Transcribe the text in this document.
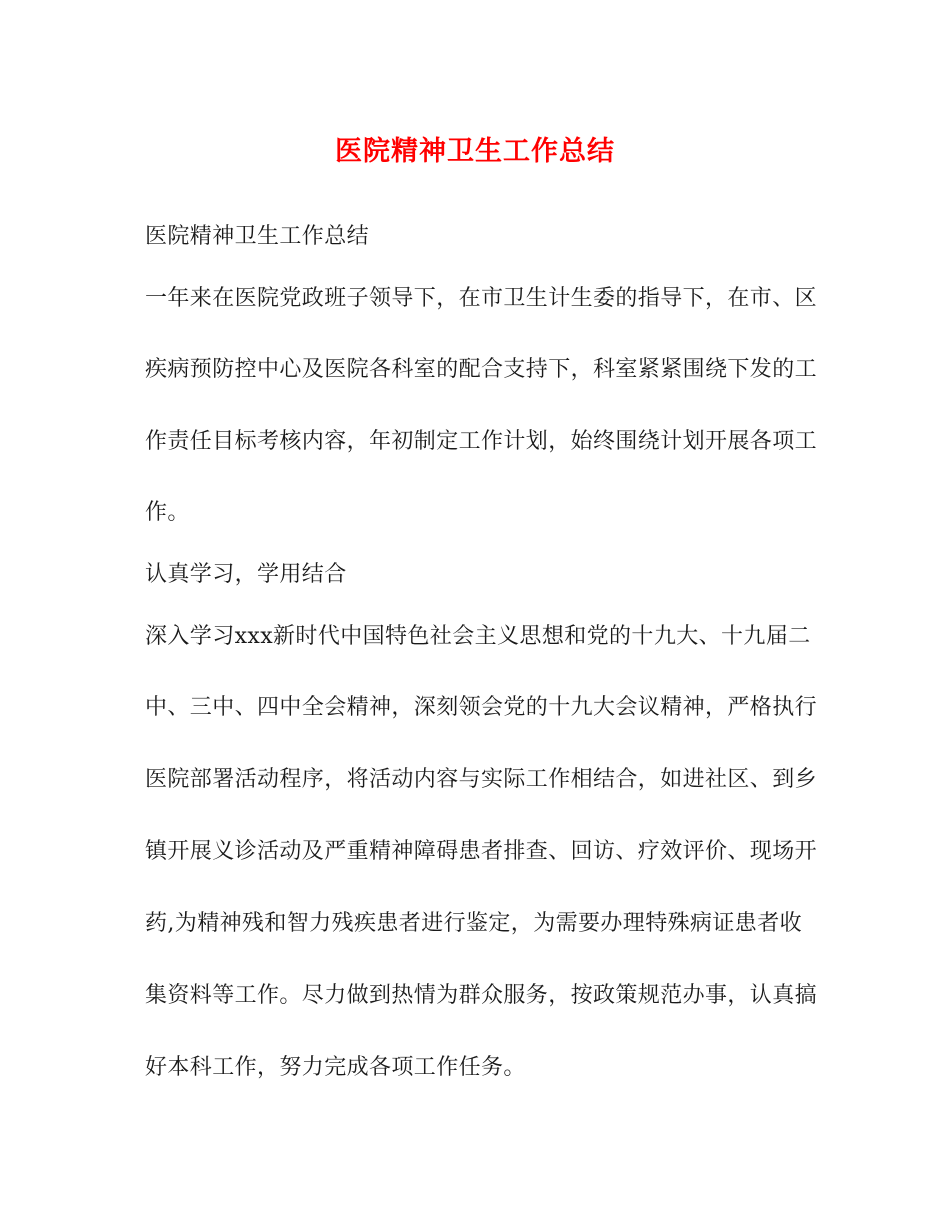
医院精神卫生工作总结
医院精神卫生工作总结
一年来在医院党政班子领导下，在市卫生计生委的指导下，在市、区
疾病预防控中心及医院各科室的配合支持下，科室紧紧围绕下发的工
作责任目标考核内容，年初制定工作计划，始终围绕计划开展各项工
作。
认真学习，学用结合
深入学习xxx新时代中国特色社会主义思想和党的十九大、十九届二
中、三中、四中全会精神，深刻领会党的十九大会议精神，严格执行
医院部署活动程序，将活动内容与实际工作相结合，如进社区、到乡
镇开展义诊活动及严重精神障碍患者排查、回访、疗效评价、现场开
药,为精神残和智力残疾患者进行鉴定，为需要办理特殊病证患者收
集资料等工作。尽力做到热情为群众服务，按政策规范办事，认真搞
好本科工作，努力完成各项工作任务。
